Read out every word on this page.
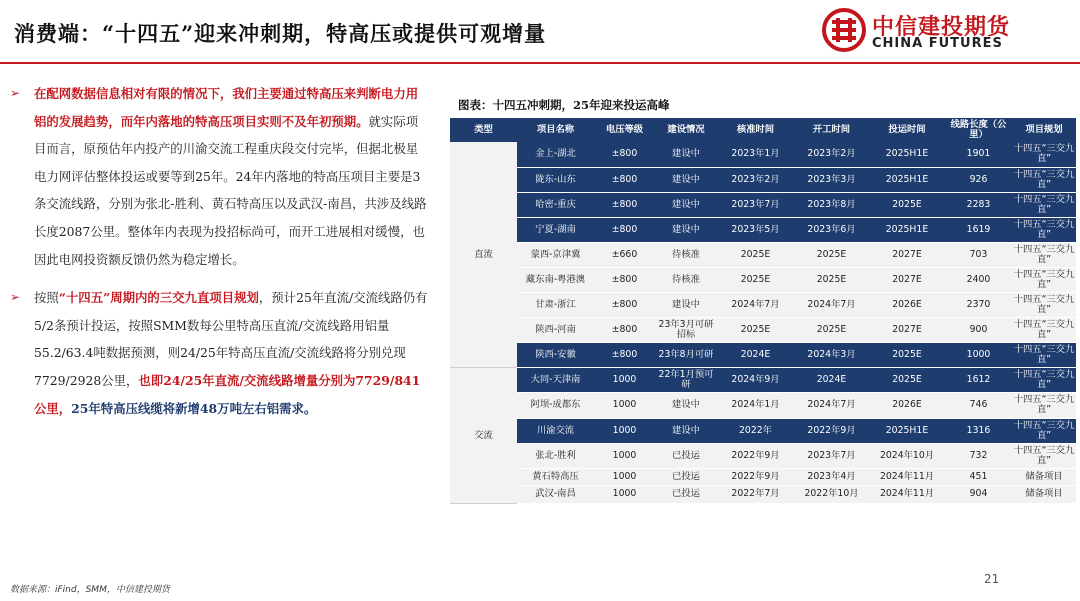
消费端：“十四五”迎来冲刺期，特高压或提供可观增量	中信建投期货
CHINA FUTURES
➢ 在配网数据信息相对有限的情况下，我们主要通过特高压来判断电力用铝的发展趋势，而年内落地的特高压项目实则不及年初预期。就实际项目而言，原预估年内投产的川渝交流工程重庆段交付完毕，但据北极星电力网评估整体投运或要等到25年。24年内落地的特高压项目主要是3条交流线路，分别为张北-胜利、黄石特高压以及武汉-南昌，共涉及线路长度2087公里。整体年内表现为投招标尚可，而开工进展相对缓慢，也因此电网投资额反馈仍然为稳定增长。
➢ 按照“十四五”周期内的三交九直项目规划，预计25年直流/交流线路仍有5/2条预计投运，按照SMM数每公里特高压直流/交流线路用铝量55.2/63.4吨数据预测，则24/25年特高压直流/交流线路将分别兑现7729/2928公里，也即24/25年直流/交流线路增量分别为7729/841公里，25年特高压线缆将新增48万吨左右铝需求。
图表：十四五冲刺期，25年迎来投运高峰
类型	项目名称	电压等级	建设情况	核准时间	开工时间	投运时间	线路长度（公里）	项目规划
直流	金上-湖北	±800	建设中	2023年1月	2023年2月	2025H1E	1901	十四五“三交九直”
	陇东-山东	±800	建设中	2023年2月	2023年3月	2025H1E	926	十四五“三交九直”
	哈密-重庆	±800	建设中	2023年7月	2023年8月	2025E	2283	十四五“三交九直”
	宁夏-湖南	±800	建设中	2023年5月	2023年6月	2025H1E	1619	十四五“三交九直”
	蒙西-京津冀	±660	待核准	2025E	2025E	2027E	703	十四五“三交九直”
	藏东南-粤港澳	±800	待核准	2025E	2025E	2027E	2400	十四五“三交九直”
	甘肃-浙江	±800	建设中	2024年7月	2024年7月	2026E	2370	十四五“三交九直”
	陕西-河南	±800	23年3月可研招标	2025E	2025E	2027E	900	十四五“三交九直”
	陕西-安徽	±800	23年8月可研	2024E	2024年3月	2025E	1000	十四五“三交九直”
交流	大同-天津南	1000	22年1月预可研	2024年9月	2024E	2025E	1612	十四五“三交九直”
	阿坝-成都东	1000	建设中	2024年1月	2024年7月	2026E	746	十四五“三交九直”
	川渝交流	1000	建设中	2022年	2022年9月	2025H1E	1316	十四五“三交九直”
	张北-胜利	1000	已投运	2022年9月	2023年7月	2024年10月	732	十四五“三交九直”
	黄石特高压	1000	已投运	2022年9月	2023年4月	2024年11月	451	储备项目
	武汉-南昌	1000	已投运	2022年7月	2022年10月	2024年11月	904	储备项目
数据来源：iFind，SMM，中信建投期货
21
